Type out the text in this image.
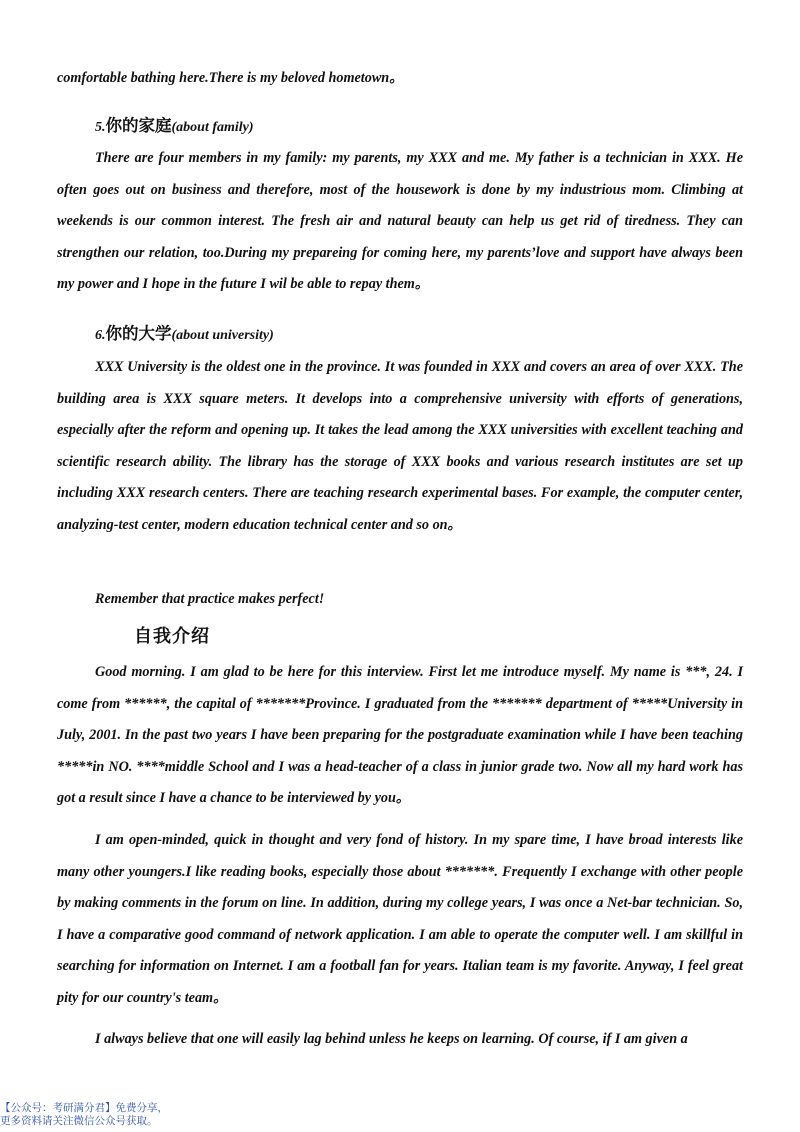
comfortable bathing here.There is my beloved hometown。

5.你的家庭(about family)

There are four members in my family: my parents, my XXX and me. My father is a technician in XXX. He often goes out on business and therefore, most of the housework is done by my industrious mom. Climbing at weekends is our common interest. The fresh air and natural beauty can help us get rid of tiredness. They can strengthen our relation, too.During my prepareing for coming here, my parents’love and support have always been my power and I hope in the future I wil be able to repay them。

6.你的大学(about university)

XXX University is the oldest one in the province. It was founded in XXX and covers an area of over XXX. The building area is XXX square meters. It develops into a comprehensive university with efforts of generations, especially after the reform and opening up. It takes the lead among the XXX universities with excellent teaching and scientific research ability. The library has the storage of XXX books and various research institutes are set up including XXX research centers. There are teaching research experimental bases. For example, the computer center, analyzing-test center, modern education technical center and so on。

Remember that practice makes perfect!

自我介绍

Good morning. I am glad to be here for this interview. First let me introduce myself. My name is ***, 24. I come from ******, the capital of *******Province. I graduated from the ******* department of *****University in July, 2001. In the past two years I have been preparing for the postgraduate examination while I have been teaching *****in NO. ****middle School and I was a head-teacher of a class in junior grade two. Now all my hard work has got a result since I have a chance to be interviewed by you。

I am open-minded, quick in thought and very fond of history. In my spare time, I have broad interests like many other youngers.I like reading books, especially those about *******. Frequently I exchange with other people by making comments in the forum on line. In addition, during my college years, I was once a Net-bar technician. So, I have a comparative good command of network application. I am able to operate the computer well. I am skillful in searching for information on Internet. I am a football fan for years. Italian team is my favorite. Anyway, I feel great pity for our country's team。

I always believe that one will easily lag behind unless he keeps on learning. Of course, if I am given a

【公众号：考研满分君】免费分享，
更多资料请关注微信公众号获取。
